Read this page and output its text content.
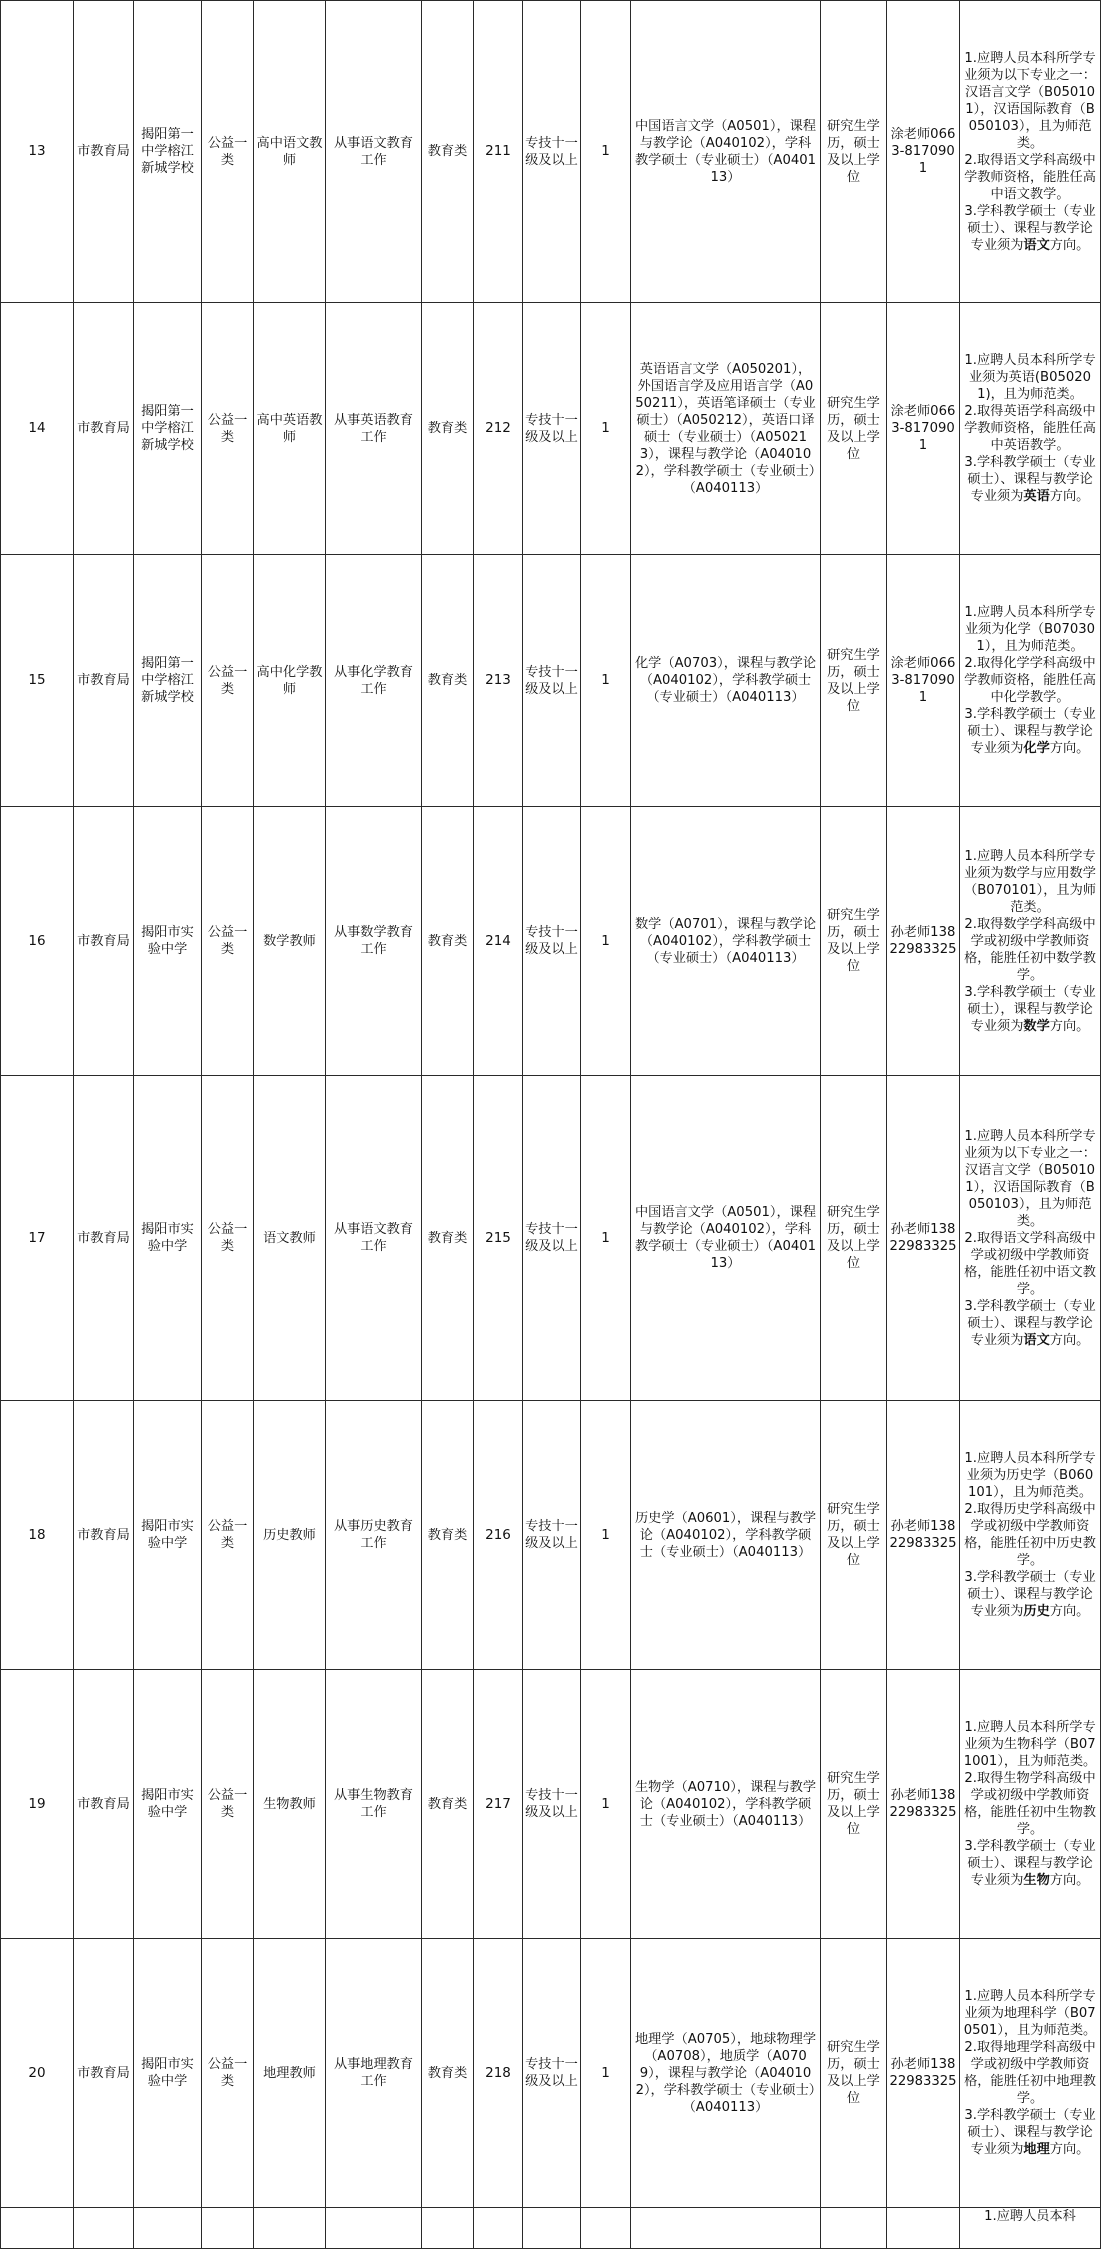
13	市教育局	揭阳第一中学榕江新城学校	公益一类	高中语文教师	从事语文教育工作	教育类	211	专技十一级及以上	1	中国语言文学（A0501），课程与教学论（A040102），学科教学硕士（专业硕士）（A040113）	研究生学历，硕士及以上学位	涂老师0663-8170901	1.应聘人员本科所学专业须为以下专业之一：汉语言文学（B050101），汉语国际教育（B050103），且为师范类。
2.取得语文学科高级中学教师资格，能胜任高中语文教学。
3.学科教学硕士（专业硕士）、课程与教学论专业须为语文方向。

14	市教育局	揭阳第一中学榕江新城学校	公益一类	高中英语教师	从事英语教育工作	教育类	212	专技十一级及以上	1	英语语言文学（A050201），外国语言学及应用语言学（A050211），英语笔译硕士（专业硕士）（A050212），英语口译硕士（专业硕士）（A050213），课程与教学论（A040102），学科教学硕士（专业硕士）（A040113）	研究生学历，硕士及以上学位	涂老师0663-8170901	1.应聘人员本科所学专业须为英语(B050201)，且为师范类。
2.取得英语学科高级中学教师资格，能胜任高中英语教学。
3.学科教学硕士（专业硕士）、课程与教学论专业须为英语方向。

15	市教育局	揭阳第一中学榕江新城学校	公益一类	高中化学教师	从事化学教育工作	教育类	213	专技十一级及以上	1	化学（A0703），课程与教学论（A040102），学科教学硕士（专业硕士）（A040113）	研究生学历，硕士及以上学位	涂老师0663-8170901	1.应聘人员本科所学专业须为化学（B070301），且为师范类。
2.取得化学学科高级中学教师资格，能胜任高中化学教学。
3.学科教学硕士（专业硕士）、课程与教学论专业须为化学方向。

16	市教育局	揭阳市实验中学	公益一类	数学教师	从事数学教育工作	教育类	214	专技十一级及以上	1	数学（A0701），课程与教学论（A040102），学科教学硕士（专业硕士）（A040113）	研究生学历，硕士及以上学位	孙老师13822983325	1.应聘人员本科所学专业须为数学与应用数学（B070101），且为师范类。
2.取得数学学科高级中学或初级中学教师资格，能胜任初中数学教学。
3.学科教学硕士（专业硕士），课程与教学论专业须为数学方向。

17	市教育局	揭阳市实验中学	公益一类	语文教师	从事语文教育工作	教育类	215	专技十一级及以上	1	中国语言文学（A0501），课程与教学论（A040102），学科教学硕士（专业硕士）（A040113）	研究生学历，硕士及以上学位	孙老师13822983325	1.应聘人员本科所学专业须为以下专业之一：汉语言文学（B050101），汉语国际教育（B050103），且为师范类。
2.取得语文学科高级中学或初级中学教师资格，能胜任初中语文教学。
3.学科教学硕士（专业硕士）、课程与教学论专业须为语文方向。

18	市教育局	揭阳市实验中学	公益一类	历史教师	从事历史教育工作	教育类	216	专技十一级及以上	1	历史学（A0601），课程与教学论（A040102），学科教学硕士（专业硕士）（A040113）	研究生学历，硕士及以上学位	孙老师13822983325	1.应聘人员本科所学专业须为历史学（B060101），且为师范类。
2.取得历史学科高级中学或初级中学教师资格，能胜任初中历史教学。
3.学科教学硕士（专业硕士）、课程与教学论专业须为历史方向。

19	市教育局	揭阳市实验中学	公益一类	生物教师	从事生物教育工作	教育类	217	专技十一级及以上	1	生物学（A0710），课程与教学论（A040102），学科教学硕士（专业硕士）（A040113）	研究生学历，硕士及以上学位	孙老师13822983325	1.应聘人员本科所学专业须为生物科学（B071001），且为师范类。
2.取得生物学科高级中学或初级中学教师资格，能胜任初中生物教学。
3.学科教学硕士（专业硕士）、课程与教学论专业须为生物方向。

20	市教育局	揭阳市实验中学	公益一类	地理教师	从事地理教育工作	教育类	218	专技十一级及以上	1	地理学（A0705），地球物理学（A0708），地质学（A0709），课程与教学论（A040102），学科教学硕士（专业硕士）（A040113）	研究生学历，硕士及以上学位	孙老师13822983325	1.应聘人员本科所学专业须为地理科学（B070501），且为师范类。
2.取得地理学科高级中学或初级中学教师资格，能胜任初中地理教学。
3.学科教学硕士（专业硕士）、课程与教学论专业须为地理方向。

													1.应聘人员本科
